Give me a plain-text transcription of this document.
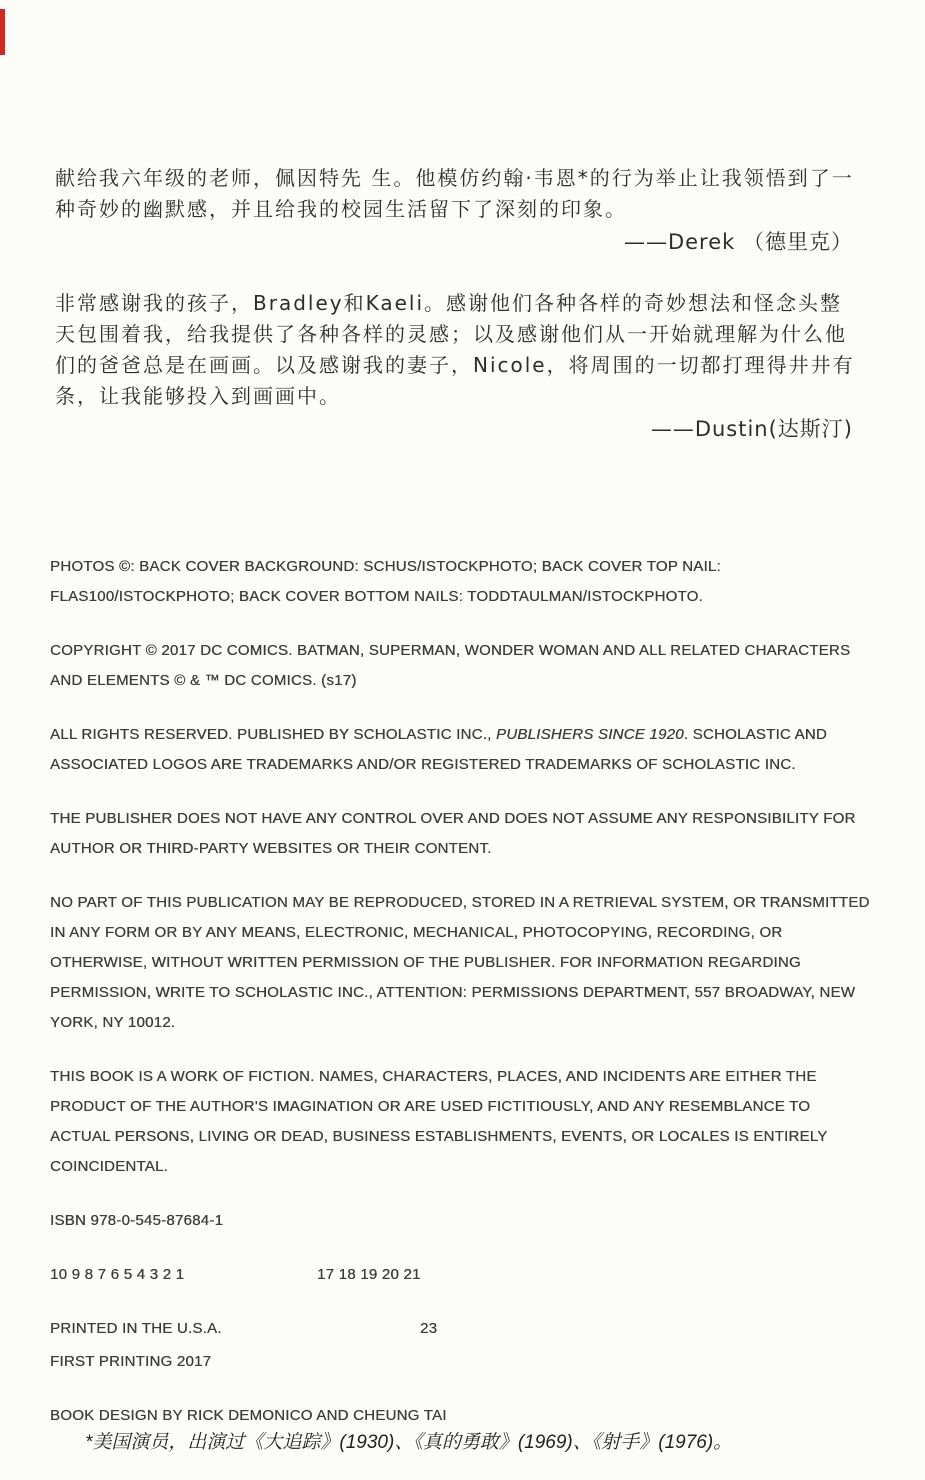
献给我六年级的老师，佩因特先 生。他模仿约翰·韦恩*的行为举止让我领悟到了一种奇妙的幽默感，并且给我的校园生活留下了深刻的印象。

——Derek （德里克）

非常感谢我的孩子，Bradley和Kaeli。感谢他们各种各样的奇妙想法和怪念头整天包围着我，给我提供了各种各样的灵感；以及感谢他们从一开始就理解为什么他们的爸爸总是在画画。以及感谢我的妻子，Nicole，将周围的一切都打理得井井有条，让我能够投入到画画中。

——Dustin(达斯汀)

PHOTOS ©: BACK COVER BACKGROUND: SCHUS/ISTOCKPHOTO; BACK COVER TOP NAIL: FLAS100/ISTOCKPHOTO; BACK COVER BOTTOM NAILS: TODDTAULMAN/ISTOCKPHOTO.

COPYRIGHT © 2017 DC COMICS. BATMAN, SUPERMAN, WONDER WOMAN AND ALL RELATED CHARACTERS AND ELEMENTS © & ™ DC COMICS. (s17)

ALL RIGHTS RESERVED. PUBLISHED BY SCHOLASTIC INC., PUBLISHERS SINCE 1920. SCHOLASTIC AND ASSOCIATED LOGOS ARE TRADEMARKS AND/OR REGISTERED TRADEMARKS OF SCHOLASTIC INC.

THE PUBLISHER DOES NOT HAVE ANY CONTROL OVER AND DOES NOT ASSUME ANY RESPONSIBILITY FOR AUTHOR OR THIRD-PARTY WEBSITES OR THEIR CONTENT.

NO PART OF THIS PUBLICATION MAY BE REPRODUCED, STORED IN A RETRIEVAL SYSTEM, OR TRANSMITTED IN ANY FORM OR BY ANY MEANS, ELECTRONIC, MECHANICAL, PHOTOCOPYING, RECORDING, OR OTHERWISE, WITHOUT WRITTEN PERMISSION OF THE PUBLISHER. FOR INFORMATION REGARDING PERMISSION, WRITE TO SCHOLASTIC INC., ATTENTION: PERMISSIONS DEPARTMENT, 557 BROADWAY, NEW YORK, NY 10012.

THIS BOOK IS A WORK OF FICTION. NAMES, CHARACTERS, PLACES, AND INCIDENTS ARE EITHER THE PRODUCT OF THE AUTHOR'S IMAGINATION OR ARE USED FICTITIOUSLY, AND ANY RESEMBLANCE TO ACTUAL PERSONS, LIVING OR DEAD, BUSINESS ESTABLISHMENTS, EVENTS, OR LOCALES IS ENTIRELY COINCIDENTAL.

ISBN 978-0-545-87684-1

10 9 8 7 6 5 4 3 2 1	17 18 19 20 21

PRINTED IN THE U.S.A.	23

FIRST PRINTING 2017

BOOK DESIGN BY RICK DEMONICO AND CHEUNG TAI

*美国演员，出演过《大追踪》(1930)、《真的勇敢》(1969)、《射手》(1976)。
